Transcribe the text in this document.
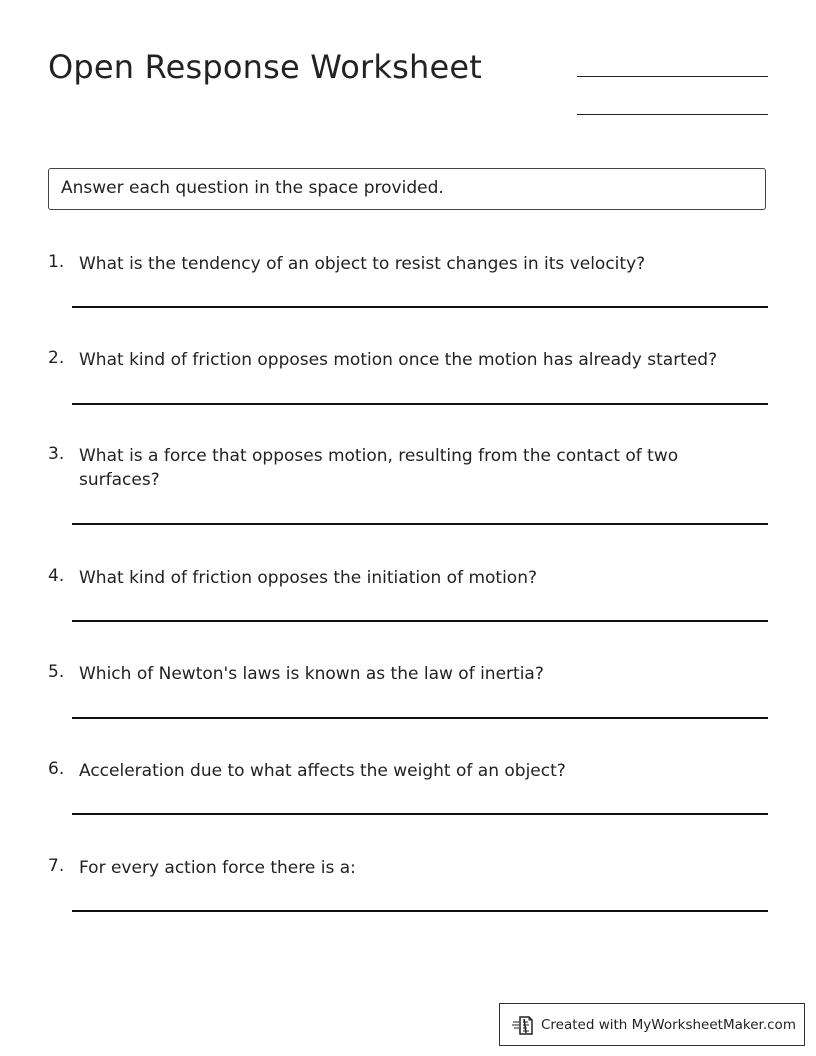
Open Response Worksheet
Answer each question in the space provided.
1. What is the tendency of an object to resist changes in its velocity?
2. What kind of friction opposes motion once the motion has already started?
3. What is a force that opposes motion, resulting from the contact of two surfaces?
4. What kind of friction opposes the initiation of motion?
5. Which of Newton's laws is known as the law of inertia?
6. Acceleration due to what affects the weight of an object?
7. For every action force there is a:
Created with MyWorksheetMaker.com
